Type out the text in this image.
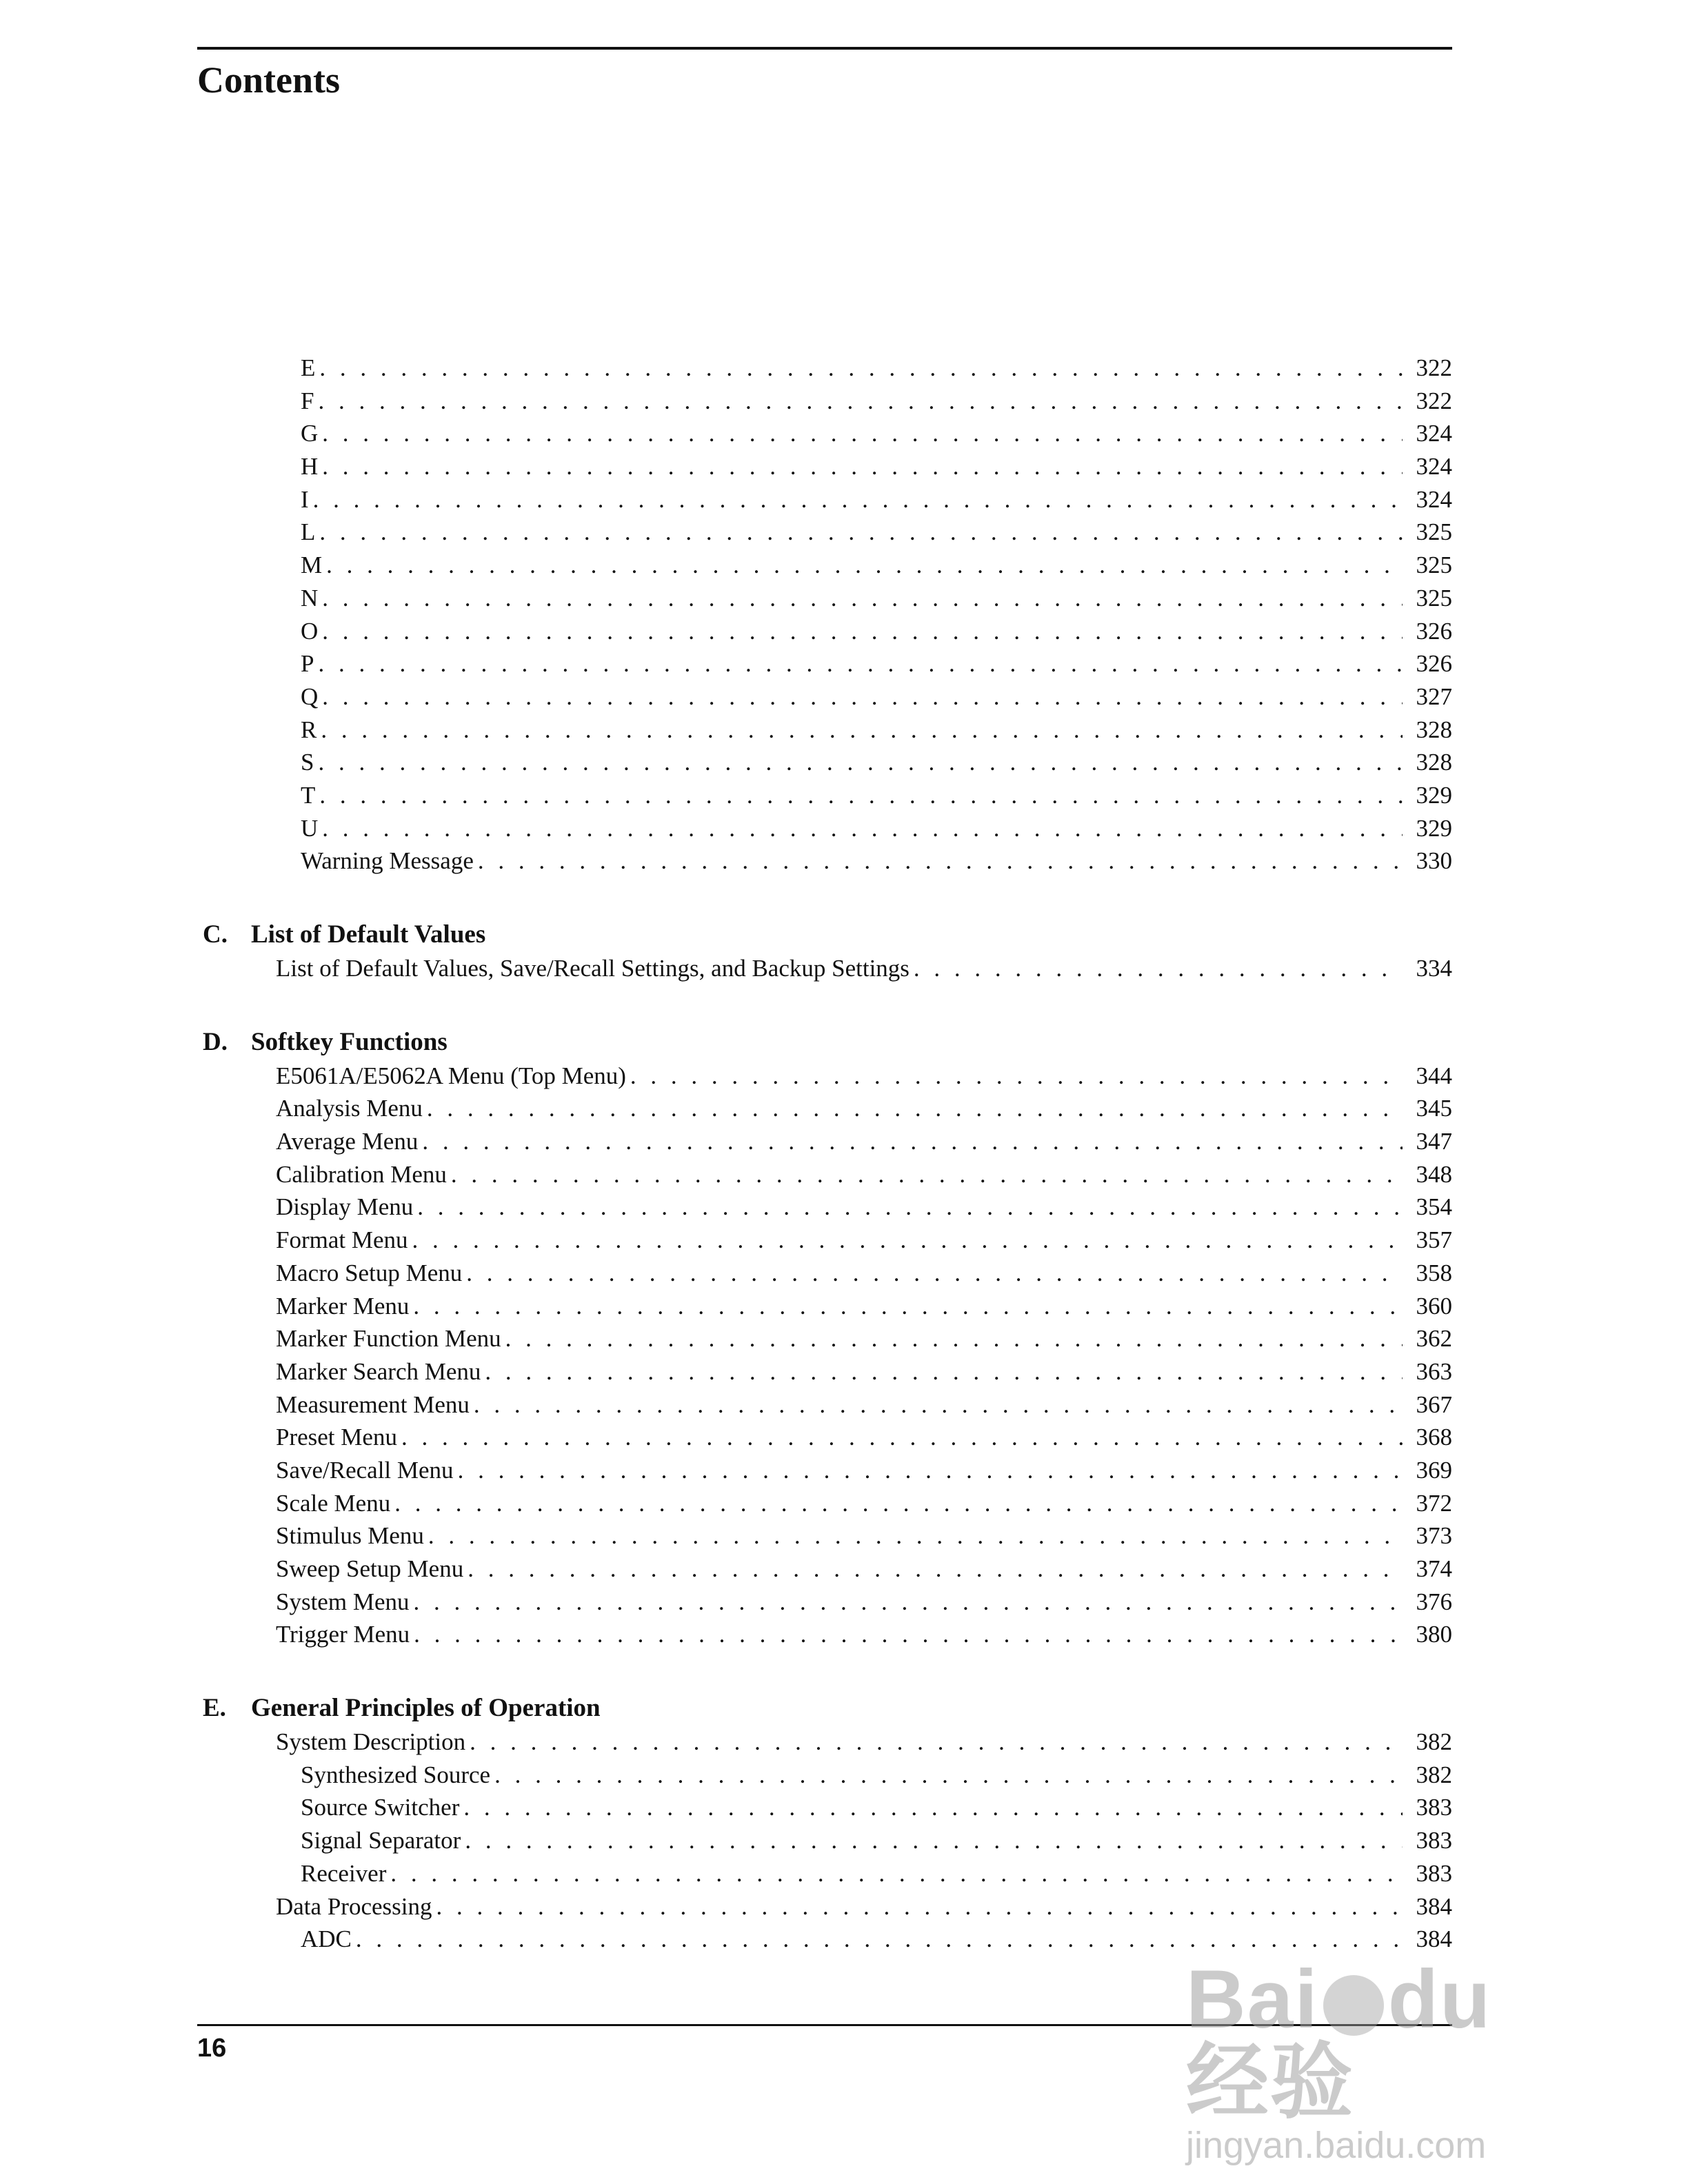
Contents
E . . .	322
F . . .	322
G . . .	324
H . . .	324
I . . .	324
L . . .	325
M . . .	325
N . . .	325
O . . .	326
P . . .	326
Q . . .	327
R . . .	328
S . . .	328
T . . .	329
U . . .	329
Warning Message . . .	330
C. List of Default Values
List of Default Values, Save/Recall Settings, and Backup Settings . . .	334
D. Softkey Functions
E5061A/E5062A Menu (Top Menu) . . .	344
Analysis Menu . . .	345
Average Menu . . .	347
Calibration Menu . . .	348
Display Menu . . .	354
Format Menu . . .	357
Macro Setup Menu . . .	358
Marker Menu . . .	360
Marker Function Menu . . .	362
Marker Search Menu . . .	363
Measurement Menu . . .	367
Preset Menu . . .	368
Save/Recall Menu . . .	369
Scale Menu . . .	372
Stimulus Menu . . .	373
Sweep Setup Menu . . .	374
System Menu . . .	376
Trigger Menu . . .	380
E. General Principles of Operation
System Description . . .	382
Synthesized Source . . .	382
Source Switcher . . .	383
Signal Separator . . .	383
Receiver . . .	383
Data Processing . . .	384
ADC . . .	384
16
Bai du经验
jingyan.baidu.com
